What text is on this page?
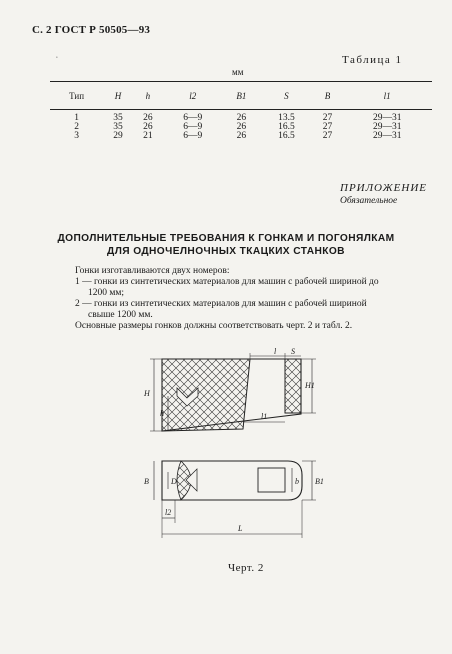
С. 2 ГОСТ Р 50505—93
•	Таблица 1
мм
Тип	H	h	l2	B1	S	B	l1
1	35	26	6—9	26	13.5	27	29—31
2	35	26	6—9	26	16.5	27	29—31
3	29	21	6—9	26	16.5	27	29—31
ПРИЛОЖЕНИЕ
Обязательное
ДОПОЛНИТЕЛЬНЫЕ ТРЕБОВАНИЯ К ГОНКАМ И ПОГОНЯЛКАМ
ДЛЯ ОДНОЧЕЛНОЧНЫХ ТКАЦКИХ СТАНКОВ
Гонки изготавливаются двух номеров:
1 — гонки из синтетических материалов для машин с рабочей шириной до
1200 мм;
2 — гонки из синтетических материалов для машин с рабочей шириной
свыше 1200 мм.
Основные размеры гонков должны соответствовать черт. 2 и табл. 2.
l S
H
H1
h	l1
B	D	b B1
l2
L
Черт. 2
